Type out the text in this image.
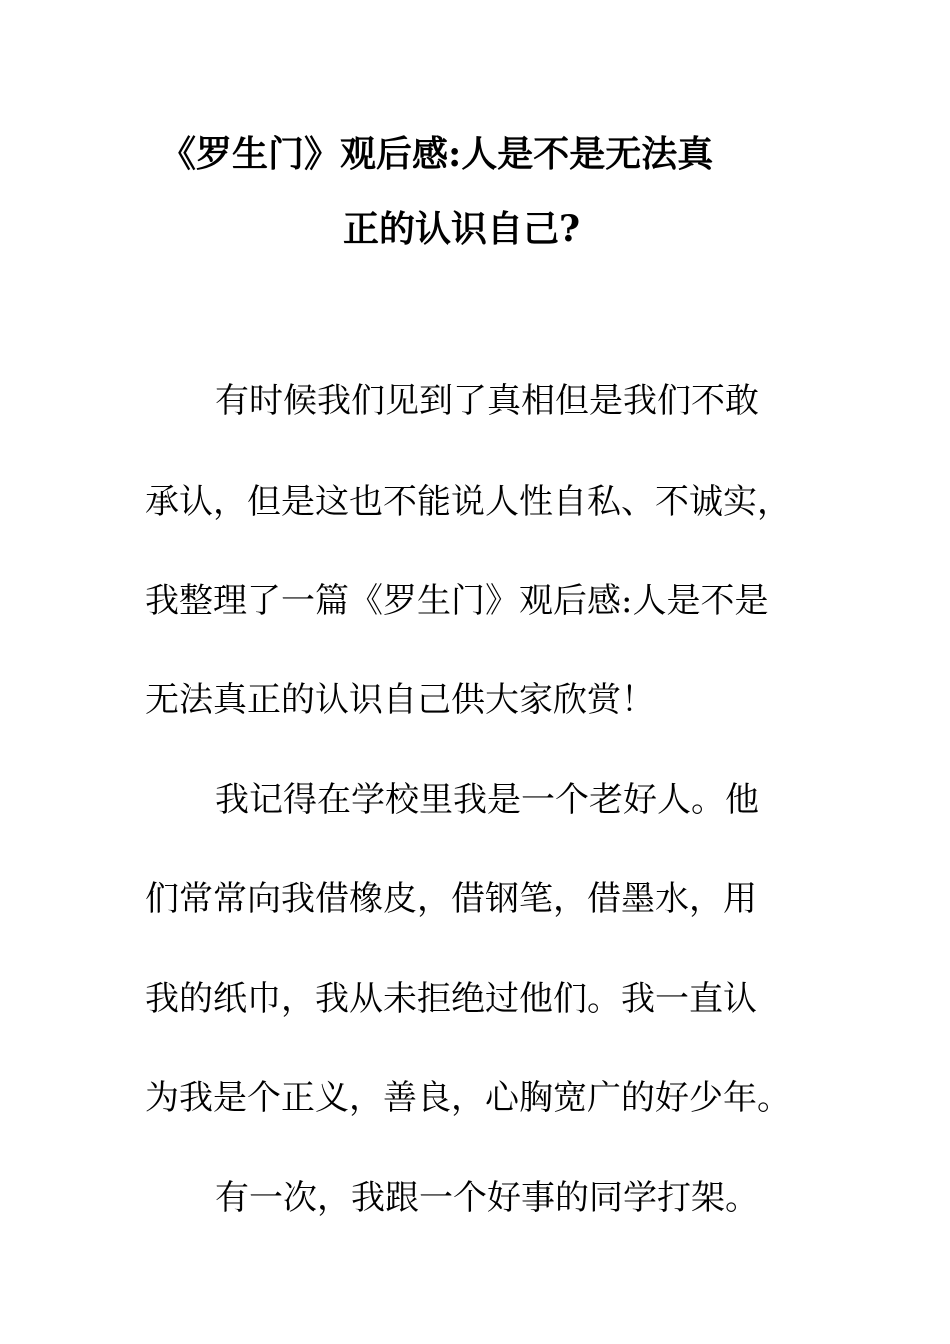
《罗生门》观后感:人是不是无法真
正的认识自己?
有时候我们见到了真相但是我们不敢
承认，但是这也不能说人性自私、不诚实，
我整理了一篇《罗生门》观后感:人是不是
无法真正的认识自己供大家欣赏！
我记得在学校里我是一个老好人。他
们常常向我借橡皮，借钢笔，借墨水，用
我的纸巾，我从未拒绝过他们。我一直认
为我是个正义，善良，心胸宽广的好少年。
有一次，我跟一个好事的同学打架。
